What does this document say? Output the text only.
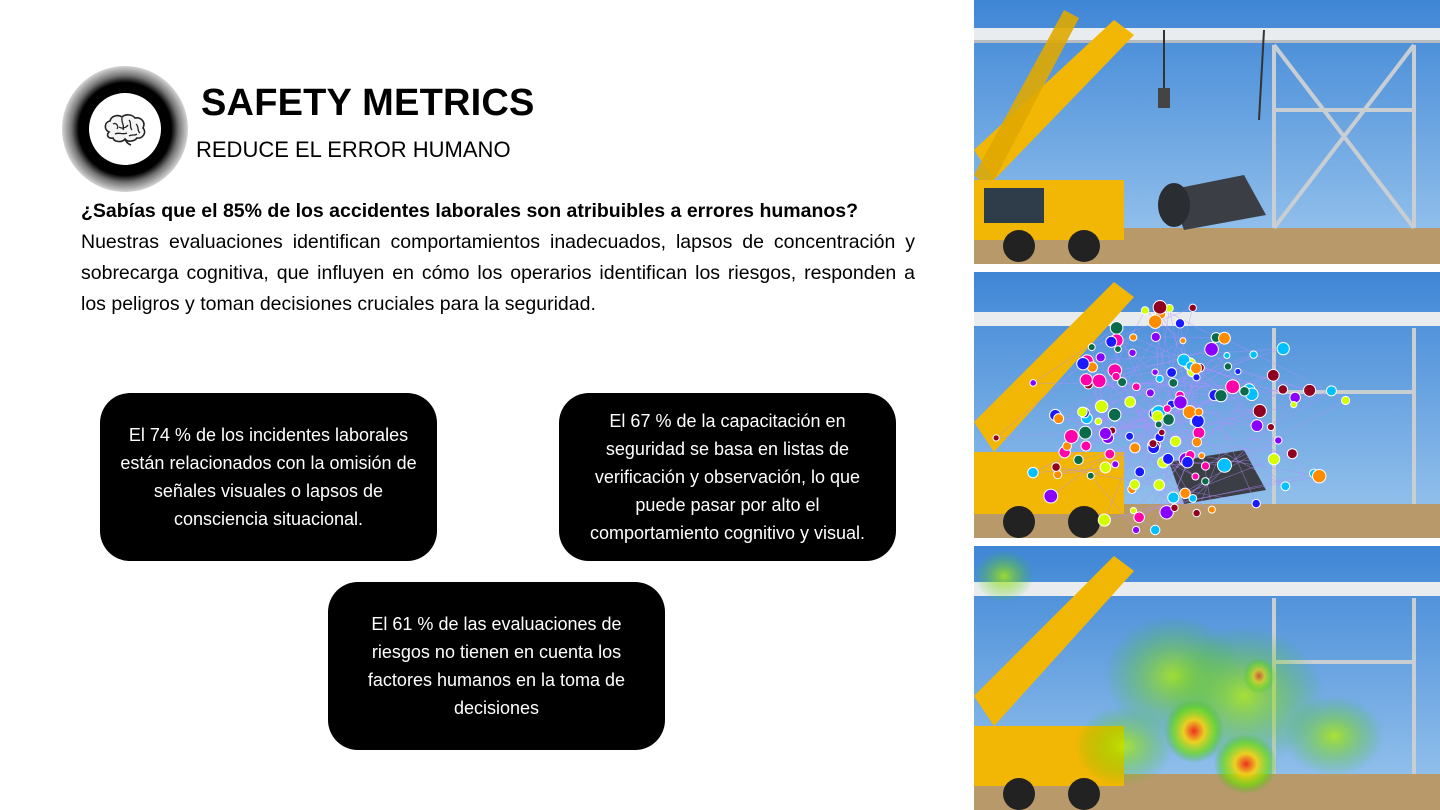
SAFETY METRICS
REDUCE EL ERROR HUMANO
¿Sabías que el 85% de los accidentes laborales son atribuibles a errores humanos?
Nuestras evaluaciones identifican comportamientos inadecuados, lapsos de concentración y sobrecarga cognitiva, que influyen en cómo los operarios identifican los riesgos, responden a los peligros y toman decisiones cruciales para la seguridad.
El 74 % de los incidentes laborales están relacionados con la omisión de señales visuales o lapsos de consciencia situacional.
El 67 % de la capacitación en seguridad se basa en listas de verificación y observación, lo que puede pasar por alto el comportamiento cognitivo y visual.
El 61 % de las evaluaciones de riesgos no tienen en cuenta los factores humanos en la toma de decisiones
